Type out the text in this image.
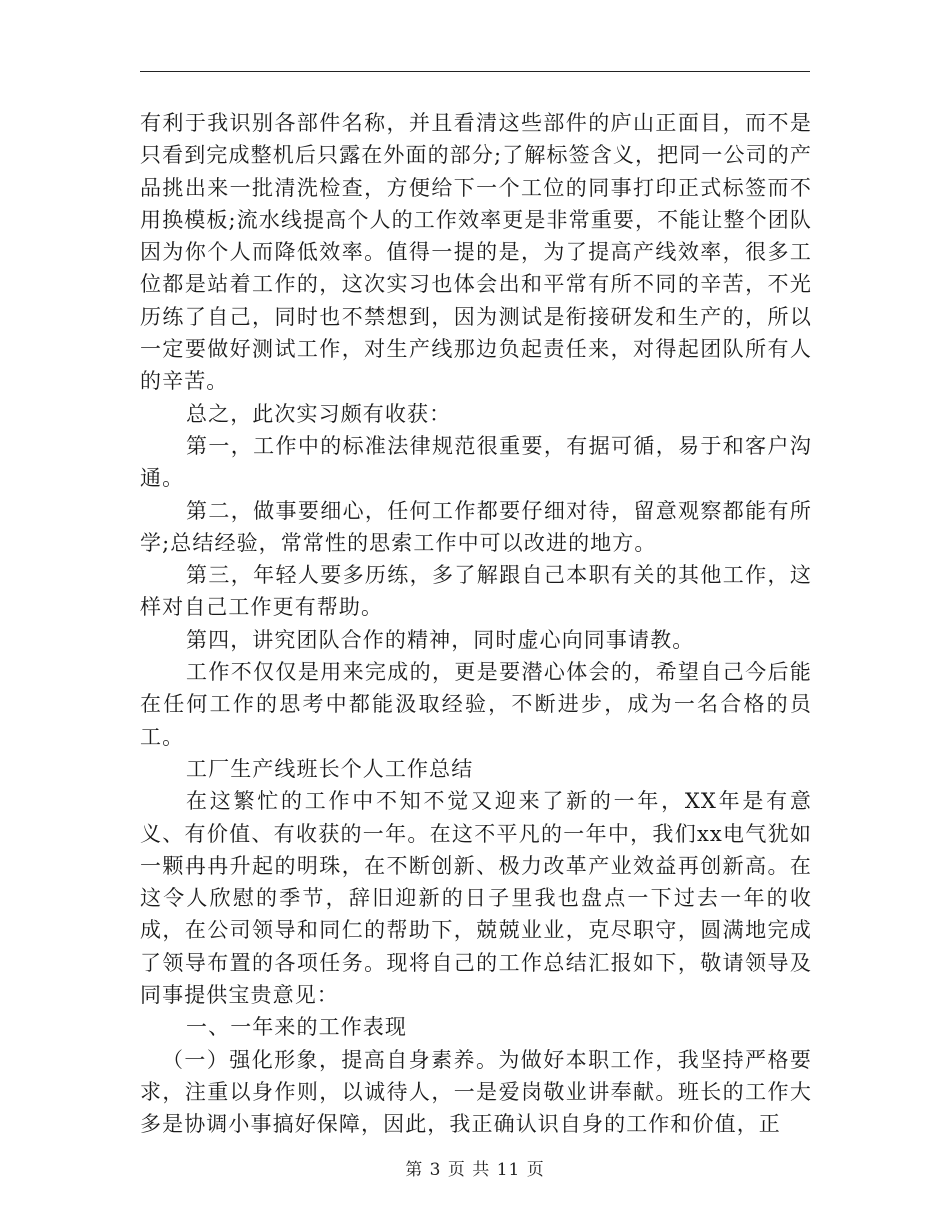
有利于我识别各部件名称，并且看清这些部件的庐山正面目，而不是只看到完成整机后只露在外面的部分;了解标签含义，把同一公司的产品挑出来一批清洗检查，方便给下一个工位的同事打印正式标签而不用换模板;流水线提高个人的工作效率更是非常重要，不能让整个团队因为你个人而降低效率。值得一提的是，为了提高产线效率，很多工位都是站着工作的，这次实习也体会出和平常有所不同的辛苦，不光历练了自己，同时也不禁想到，因为测试是衔接研发和生产的，所以一定要做好测试工作，对生产线那边负起责任来，对得起团队所有人的辛苦。

总之，此次实习颇有收获：

第一，工作中的标准法律规范很重要，有据可循，易于和客户沟通。

第二，做事要细心，任何工作都要仔细对待，留意观察都能有所学;总结经验，常常性的思索工作中可以改进的地方。

第三，年轻人要多历练，多了解跟自己本职有关的其他工作，这样对自己工作更有帮助。

第四，讲究团队合作的精神，同时虚心向同事请教。

工作不仅仅是用来完成的，更是要潜心体会的，希望自己今后能在任何工作的思考中都能汲取经验，不断进步，成为一名合格的员工。

工厂生产线班长个人工作总结

在这繁忙的工作中不知不觉又迎来了新的一年，XX年是有意义、有价值、有收获的一年。在这不平凡的一年中，我们xx电气犹如一颗冉冉升起的明珠，在不断创新、极力改革产业效益再创新高。在这令人欣慰的季节，辞旧迎新的日子里我也盘点一下过去一年的收成，在公司领导和同仁的帮助下，兢兢业业，克尽职守，圆满地完成了领导布置的各项任务。现将自己的工作总结汇报如下，敬请领导及同事提供宝贵意见：

一、一年来的工作表现

（一）强化形象，提高自身素养。为做好本职工作，我坚持严格要求，注重以身作则，以诚待人，一是爱岗敬业讲奉献。班长的工作大多是协调小事搞好保障，因此，我正确认识自身的工作和价值，正

第 3 页 共 11 页
